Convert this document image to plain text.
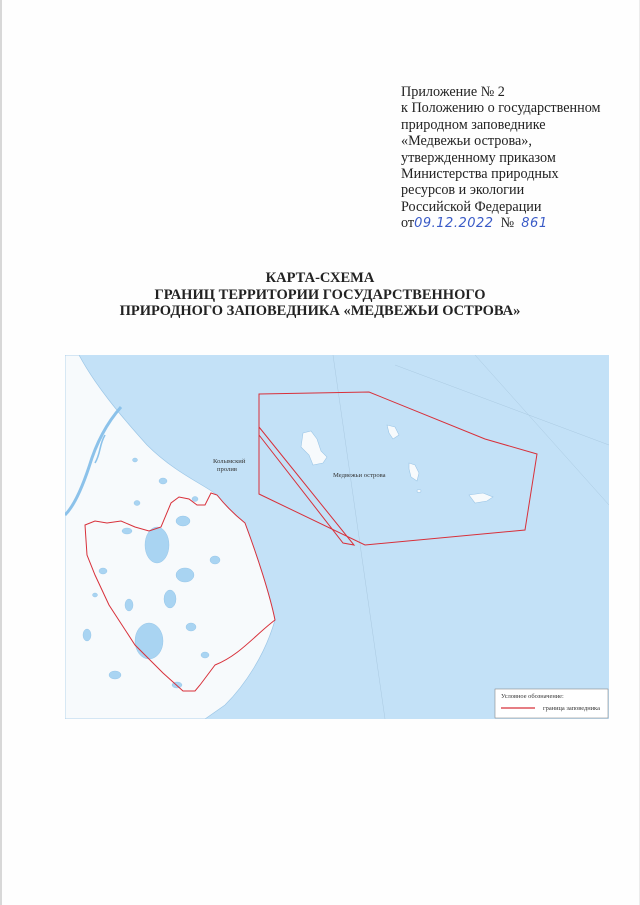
Приложение № 2
к Положению о государственном
природном заповеднике
«Медвежьи острова»,
утвержденному приказом
Министерства природных
ресурсов и экологии
Российской Федерации
от09.12.2022 № 861
КАРТА-СХЕМА
ГРАНИЦ ТЕРРИТОРИИ ГОСУДАРСТВЕННОГО
ПРИРОДНОГО ЗАПОВЕДНИКА «МЕДВЕЖЬИ ОСТРОВА»
Колымский
пролив
Медвежьи острова
Условное обозначение:
граница заповедника
